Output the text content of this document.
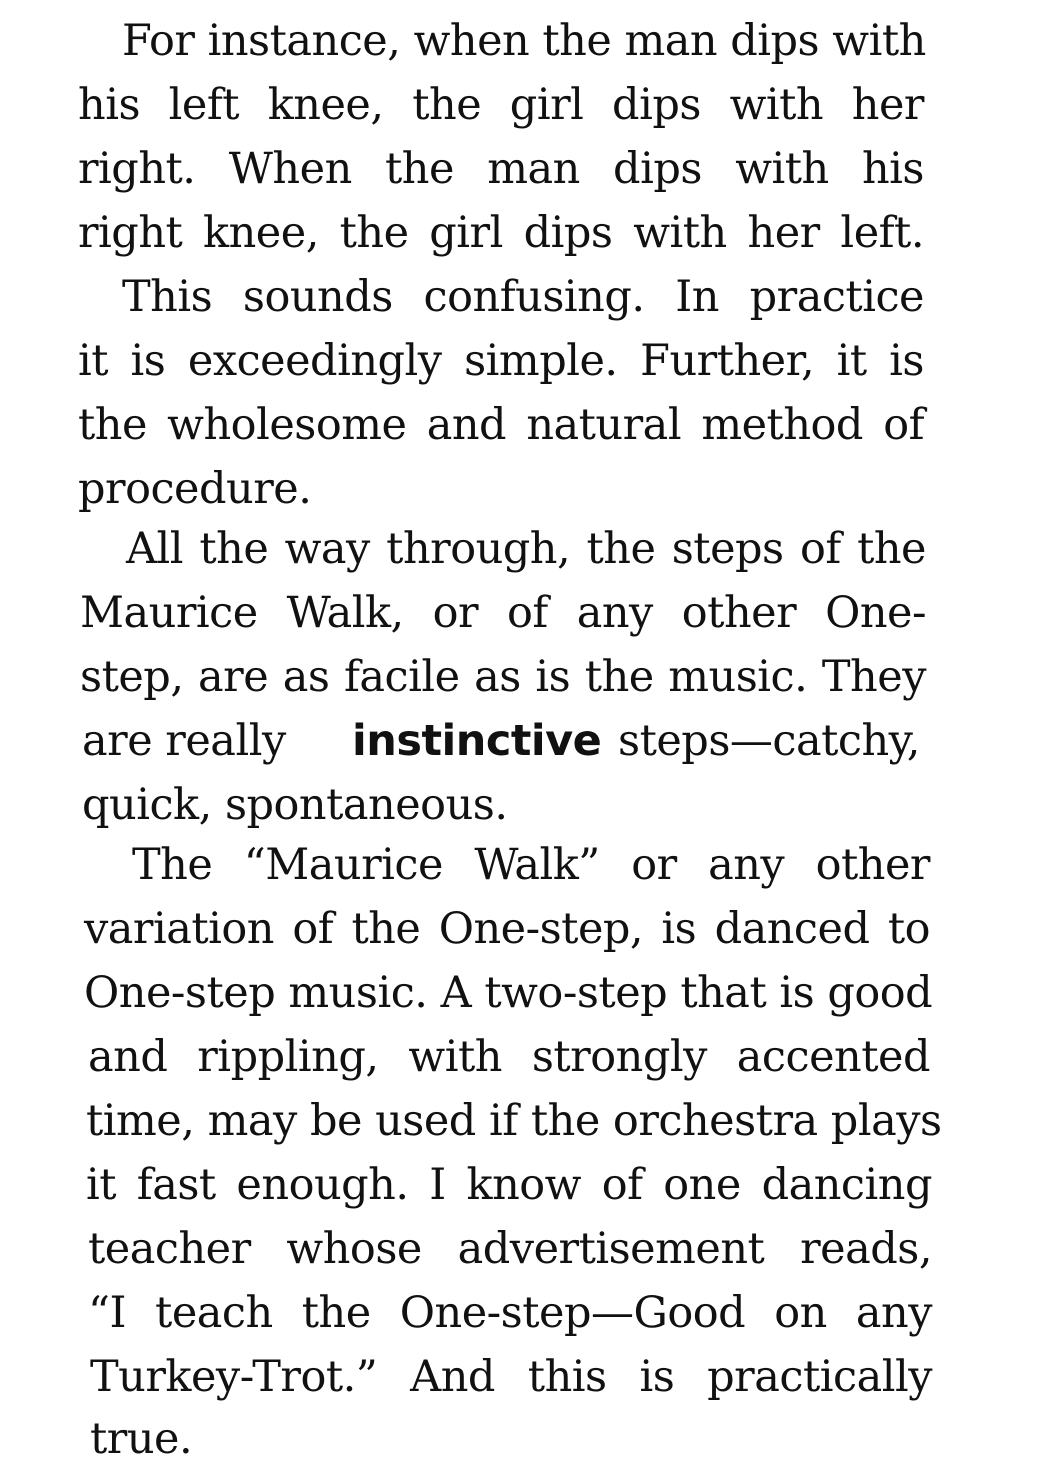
For instance, when the man dips with
his left knee, the girl dips with her
right. When the man dips with his
right knee, the girl dips with her left.
This sounds confusing. In practice
it is exceedingly simple. Further, it is
the wholesome and natural method of
procedure.
All the way through, the steps of the
Maurice Walk, or of any other One-
step, are as facile as is the music. They
are really instinctive steps—catchy,
quick, spontaneous.
The “Maurice Walk” or any other
variation of the One-step, is danced to
One-step music. A two-step that is good
and rippling, with strongly accented
time, may be used if the orchestra plays
it fast enough. I know of one dancing
teacher whose advertisement reads,
“I teach the One-step—Good on any
Turkey-Trot.” And this is practically
true.
